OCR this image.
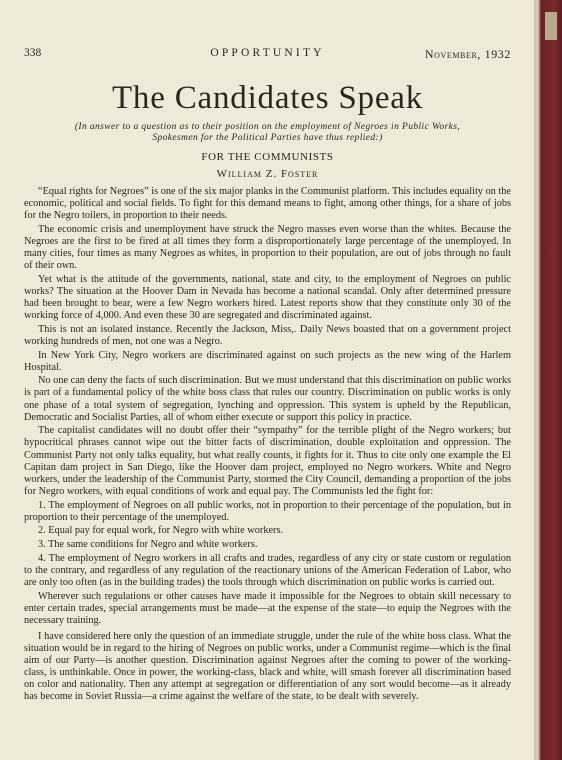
338	OPPORTUNITY	November, 1932
The Candidates Speak
(In answer to a question as to their position on the employment of Negroes in Public Works,
Spokesmen for the Political Parties have thus replied:)
FOR THE COMMUNISTS
William Z. Foster

“Equal rights for Negroes” is one of the six major planks in the Communist platform. This includes equality on the economic, political and social fields. To fight for this demand means to fight, among other things, for a share of jobs for the Negro toilers, in proportion to their needs.

The economic crisis and unemployment have struck the Negro masses even worse than the whites. Because the Negroes are the first to be fired at all times they form a disproportionately large percentage of the unemployed. In many cities, four times as many Negroes as whites, in proportion to their population, are out of jobs through no fault of their own.

Yet what is the attitude of the governments, national, state and city, to the employment of Negroes on public works? The situation at the Hoover Dam in Nevada has become a national scandal. Only after determined pressure had been brought to bear, were a few Negro workers hired. Latest reports show that they constitute only 30 of the working force of 4,000. And even these 30 are segregated and discriminated against.

This is not an isolated instance. Recently the Jackson, Miss,. Daily News boasted that on a government project working hundreds of men, not one was a Negro.

In New York City, Negro workers are discriminated against on such projects as the new wing of the Harlem Hospital.

No one can deny the facts of such discrimination. But we must understand that this discrimination on public works is part of a fundamental policy of the white boss class that rules our country. Discrimination on public works is only one phase of a total system of segregation, lynching and oppression. This system is upheld by the Republican, Democratic and Socialist Parties, all of whom either execute or support this policy in practice.

The capitalist candidates will no doubt offer their “sympathy” for the terrible plight of the Negro workers; but hypocritical phrases cannot wipe out the bitter facts of discrimination, double exploitation and oppression. The Communist Party not only talks equality, but what really counts, it fights for it. Thus to cite only one example the El Capitan dam project in San Diego, like the Hoover dam project, employed no Negro workers. White and Negro workers, under the leadership of the Communist Party, stormed the City Council, demanding a proportion of the jobs for Negro workers, with equal conditions of work and equal pay. The Communists led the fight for:

1. The employment of Negroes on all public works, not in proportion to their percentage of the population, but in proportion to their percentage of the unemployed.

2. Equal pay for equal work, for Negro with white workers.

3. The same conditions for Negro and white workers.

4. The employment of Negro workers in all crafts and trades, regardless of any city or state custom or regulation to the contrary, and regardless of any regulation of the reactionary unions of the American Federation of Labor, who are only too often (as in the building trades) the tools through which discrimination on public works is carried out.

Wherever such regulations or other causes have made it impossible for the Negroes to obtain skill necessary to enter certain trades, special arrangements must be made—at the expense of the state—to equip the Negroes with the necessary training.

I have considered here only the question of an immediate struggle, under the rule of the white boss class. What the situation would be in regard to the hiring of Negroes on public works, under a Communist regime—which is the final aim of our Party—is another question. Discrimination against Negroes after the coming to power of the working-class, is unthinkable. Once in power, the working-class, black and white, will smash forever all discrimination based on color and nationality. Then any attempt at segregation or differentiation of any sort would become—as it already has become in Soviet Russia—a crime against the welfare of the state, to be dealt with severely.
